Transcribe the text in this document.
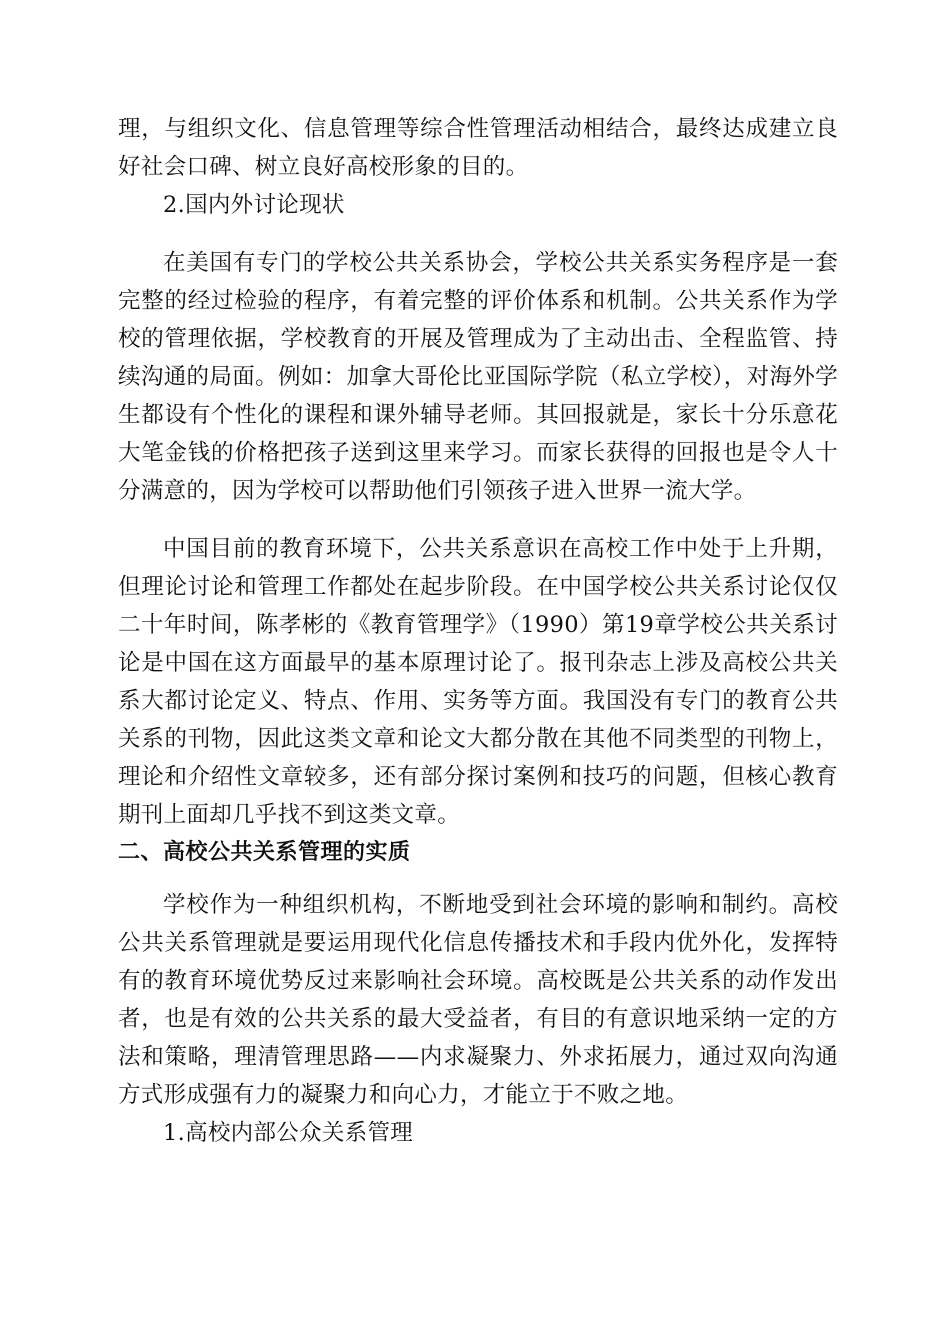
理，与组织文化、信息管理等综合性管理活动相结合，最终达成建立良好社会口碑、树立良好高校形象的目的。

2.国内外讨论现状

在美国有专门的学校公共关系协会，学校公共关系实务程序是一套完整的经过检验的程序，有着完整的评价体系和机制。公共关系作为学校的管理依据，学校教育的开展及管理成为了主动出击、全程监管、持续沟通的局面。例如：加拿大哥伦比亚国际学院（私立学校），对海外学生都设有个性化的课程和课外辅导老师。其回报就是，家长十分乐意花大笔金钱的价格把孩子送到这里来学习。而家长获得的回报也是令人十分满意的，因为学校可以帮助他们引领孩子进入世界一流大学。

中国目前的教育环境下，公共关系意识在高校工作中处于上升期，但理论讨论和管理工作都处在起步阶段。在中国学校公共关系讨论仅仅二十年时间，陈孝彬的《教育管理学》（1990）第19章学校公共关系讨论是中国在这方面最早的基本原理讨论了。报刊杂志上涉及高校公共关系大都讨论定义、特点、作用、实务等方面。我国没有专门的教育公共关系的刊物，因此这类文章和论文大都分散在其他不同类型的刊物上，理论和介绍性文章较多，还有部分探讨案例和技巧的问题，但核心教育期刊上面却几乎找不到这类文章。

二、高校公共关系管理的实质

学校作为一种组织机构，不断地受到社会环境的影响和制约。高校公共关系管理就是要运用现代化信息传播技术和手段内优外化，发挥特有的教育环境优势反过来影响社会环境。高校既是公共关系的动作发出者，也是有效的公共关系的最大受益者，有目的有意识地采纳一定的方法和策略，理清管理思路——内求凝聚力、外求拓展力，通过双向沟通方式形成强有力的凝聚力和向心力，才能立于不败之地。

1.高校内部公众关系管理
